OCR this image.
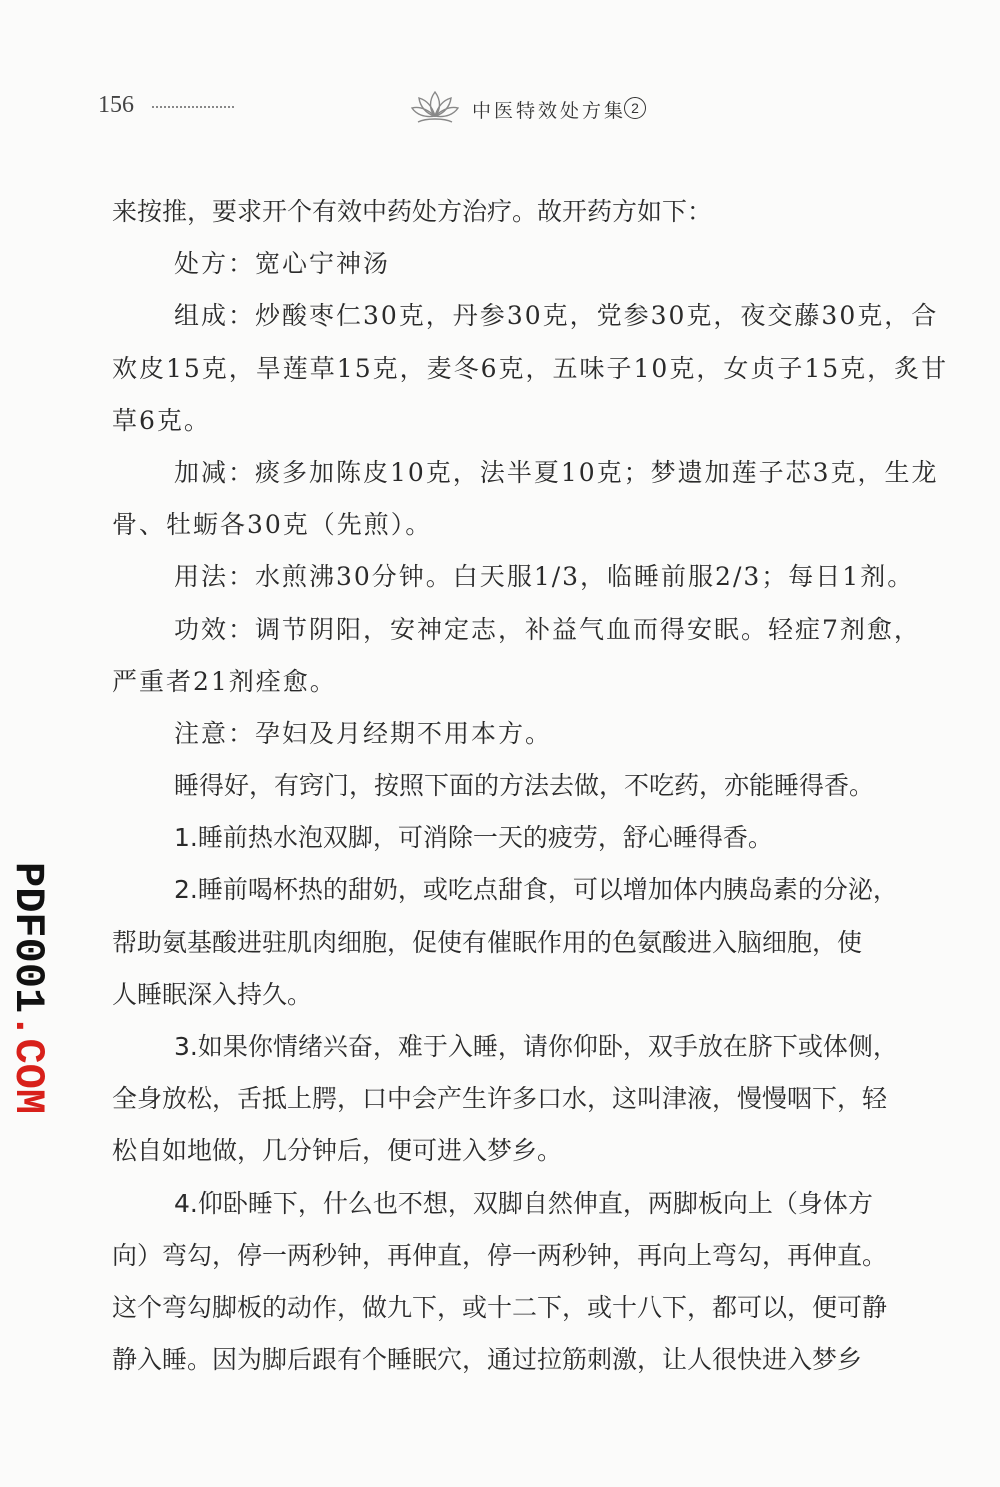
156	中医特效处方集 2
来按推，要求开个有效中药处方治疗。故开药方如下：
处方：宽心宁神汤
组成：炒酸枣仁30克，丹参30克，党参30克，夜交藤30克，合
欢皮15克，旱莲草15克，麦冬6克，五味子10克，女贞子15克，炙甘
草6克。
加减：痰多加陈皮10克，法半夏10克；梦遗加莲子芯3克，生龙
骨、牡蛎各30克（先煎）。
用法：水煎沸30分钟。白天服1/3，临睡前服2/3；每日1剂。
功效：调节阴阳，安神定志，补益气血而得安眠。轻症7剂愈，
严重者21剂痊愈。
注意：孕妇及月经期不用本方。
睡得好，有窍门，按照下面的方法去做，不吃药，亦能睡得香。
1.睡前热水泡双脚，可消除一天的疲劳，舒心睡得香。
2.睡前喝杯热的甜奶，或吃点甜食，可以增加体内胰岛素的分泌，
帮助氨基酸进驻肌肉细胞，促使有催眠作用的色氨酸进入脑细胞，使
人睡眠深入持久。
3.如果你情绪兴奋，难于入睡，请你仰卧，双手放在脐下或体侧，
全身放松，舌抵上腭，口中会产生许多口水，这叫津液，慢慢咽下，轻
松自如地做，几分钟后，便可进入梦乡。
4.仰卧睡下，什么也不想，双脚自然伸直，两脚板向上（身体方
向）弯勾，停一两秒钟，再伸直，停一两秒钟，再向上弯勾，再伸直。
这个弯勾脚板的动作，做九下，或十二下，或十八下，都可以，便可静
静入睡。因为脚后跟有个睡眠穴，通过拉筋刺激，让人很快进入梦乡
PDF001.COM
